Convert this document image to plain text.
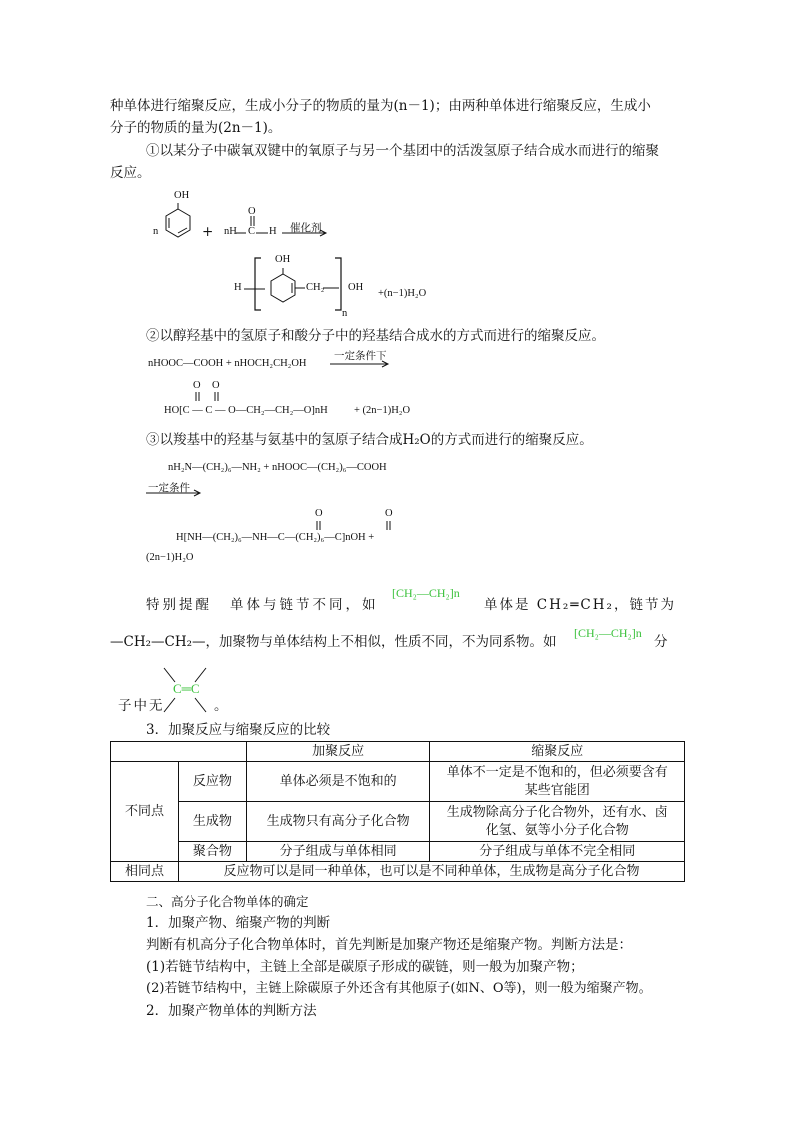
种单体进行缩聚反应，生成小分子的物质的量为(n－1)；由两种单体进行缩聚反应，生成小
分子的物质的量为(2n－1)。
①以某分子中碳氧双键中的氧原子与另一个基团中的活泼氢原子结合成水而进行的缩聚
反应。
OH
n	+
O
nH C H 催化剂
H
OH
CH₂ OH
n
+(n−1)H₂O
②以醇羟基中的氢原子和酸分子中的羟基结合成水的方式而进行的缩聚反应。
nHOOC—COOH + nHOCH₂CH₂OH
一定条件下
O O
HO[C — C — O—CH₂—CH₂—O]nH	+ (2n−1)H₂O
③以羧基中的羟基与氨基中的氢原子结合成H₂O的方式而进行的缩聚反应。
nH₂N—(CH₂)₆—NH₂ + nHOOC—(CH₂)₆—COOH
一定条件
O	O
H[NH—(CH₂)₆—NH—C—(CH₂)₆—C]nOH +
(2n−1)H₂O
特别提醒 单体与链节不同，如
[CH₂—CH₂]n
单体是 CH₂═CH₂，链节为
—CH₂—CH₂—，加聚物与单体结构上不相似，性质不同，不为同系物。如
[CH₂—CH₂]n
分
子中无
C═C
。
3．加聚反应与缩聚反应的比较
		加聚反应	缩聚反应
不同点	反应物	单体必须是不饱和的	单体不一定是不饱和的，但必须要含有
某些官能团

	生成物	生成物只有高分子化合物	生成物除高分子化合物外，还有水、卤
化氢、氨等小分子化合物

	聚合物	分子组成与单体相同	分子组成与单体不完全相同
相同点	反应物可以是同一种单体，也可以是不同种单体，生成物是高分子化合物		
二、高分子化合物单体的确定
1．加聚产物、缩聚产物的判断
判断有机高分子化合物单体时，首先判断是加聚产物还是缩聚产物。判断方法是：
(1)若链节结构中，主链上全部是碳原子形成的碳链，则一般为加聚产物；
(2)若链节结构中，主链上除碳原子外还含有其他原子(如N、O等)，则一般为缩聚产物。
2．加聚产物单体的判断方法
